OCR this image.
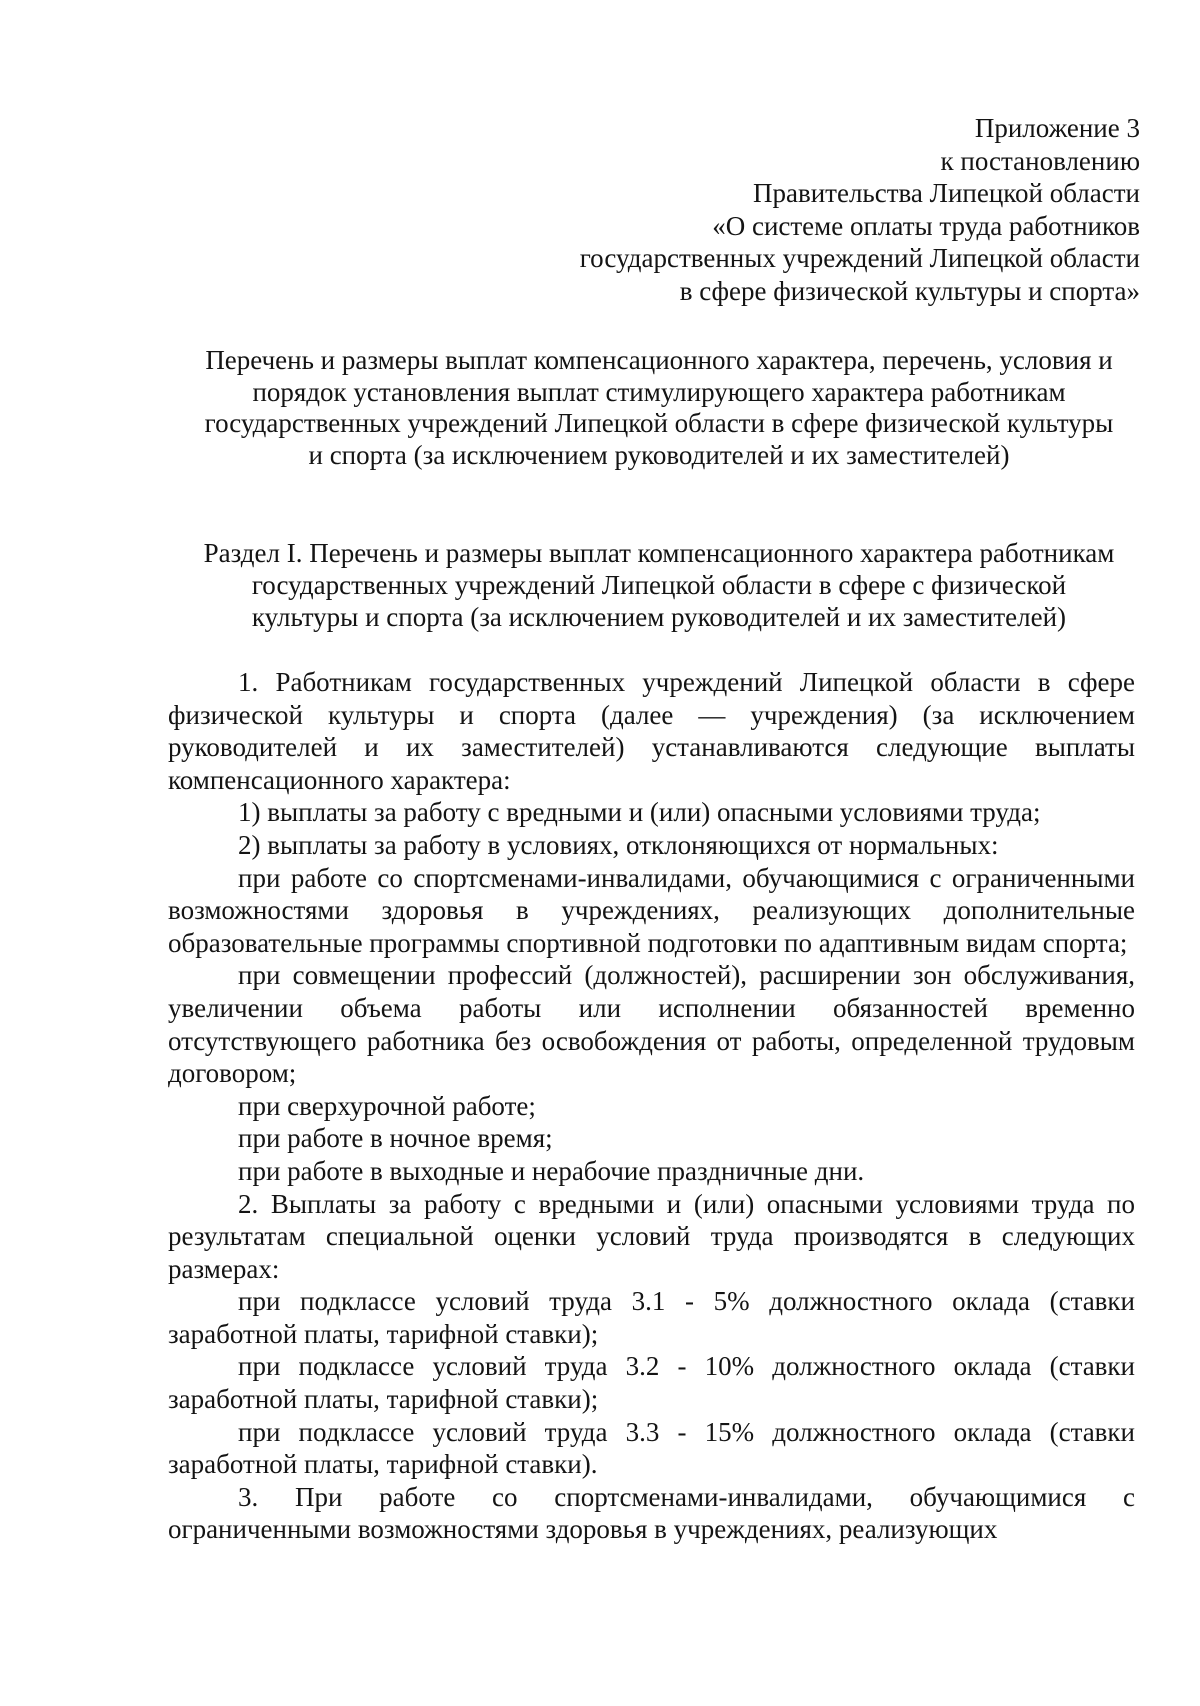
Приложение 3
к постановлению
Правительства Липецкой области
«О системе оплаты труда работников
государственных учреждений Липецкой области
в сфере физической культуры и спорта»
Перечень и размеры выплат компенсационного характера, перечень, условия и
порядок установления выплат стимулирующего характера работникам
государственных учреждений Липецкой области в сфере физической культуры
и спорта (за исключением руководителей и их заместителей)
Раздел I. Перечень и размеры выплат компенсационного характера работникам
государственных учреждений Липецкой области в сфере с физической
культуры и спорта (за исключением руководителей и их заместителей)

1. Работникам государственных учреждений Липецкой области в сфере физической культуры и спорта (далее — учреждения) (за исключением руководителей и их заместителей) устанавливаются следующие выплаты компенсационного характера:

1) выплаты за работу с вредными и (или) опасными условиями труда;

2) выплаты за работу в условиях, отклоняющихся от нормальных:

при работе со спортсменами-инвалидами, обучающимися с ограниченными возможностями здоровья в учреждениях, реализующих дополнительные образовательные программы спортивной подготовки по адаптивным видам спорта;

при совмещении профессий (должностей), расширении зон обслуживания, увеличении объема работы или исполнении обязанностей временно отсутствующего работника без освобождения от работы, определенной трудовым договором;

при сверхурочной работе;

при работе в ночное время;

при работе в выходные и нерабочие праздничные дни.

2. Выплаты за работу с вредными и (или) опасными условиями труда по результатам специальной оценки условий труда производятся в следующих размерах:

при подклассе условий труда 3.1 - 5% должностного оклада (ставки заработной платы, тарифной ставки);

при подклассе условий труда 3.2 - 10% должностного оклада (ставки заработной платы, тарифной ставки);

при подклассе условий труда 3.3 - 15% должностного оклада (ставки заработной платы, тарифной ставки).

3. При работе со спортсменами-инвалидами, обучающимися с ограниченными возможностями здоровья в учреждениях, реализующих
